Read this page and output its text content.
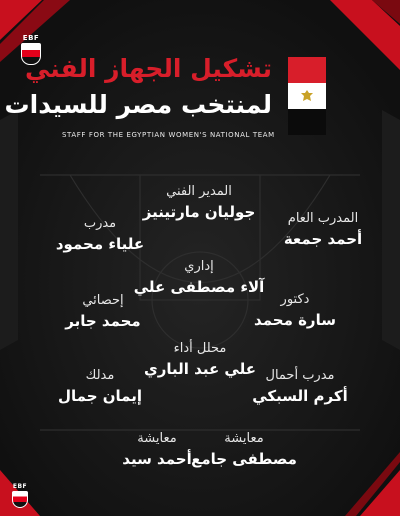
EBF
EBF
تشكيل الجهاز الفني
لمنتخب مصر للسيدات
STAFF FOR THE EGYPTIAN WOMEN'S NATIONAL TEAM
المدير الفني
جوليان مارتينيز	المدرب العام
أحمد جمعة
مدرب
علياء محمود
إداري
آلاء مصطفى علي
دكتور
سارة محمد
إحصائي
محمد جابر
محلل أداء
علي عبد الباري مدرب أحمال
أكرم السبكي
مدلك
إيمان جمال
معايشة
مصطفى جامع
معايشة
أحمد سيد
